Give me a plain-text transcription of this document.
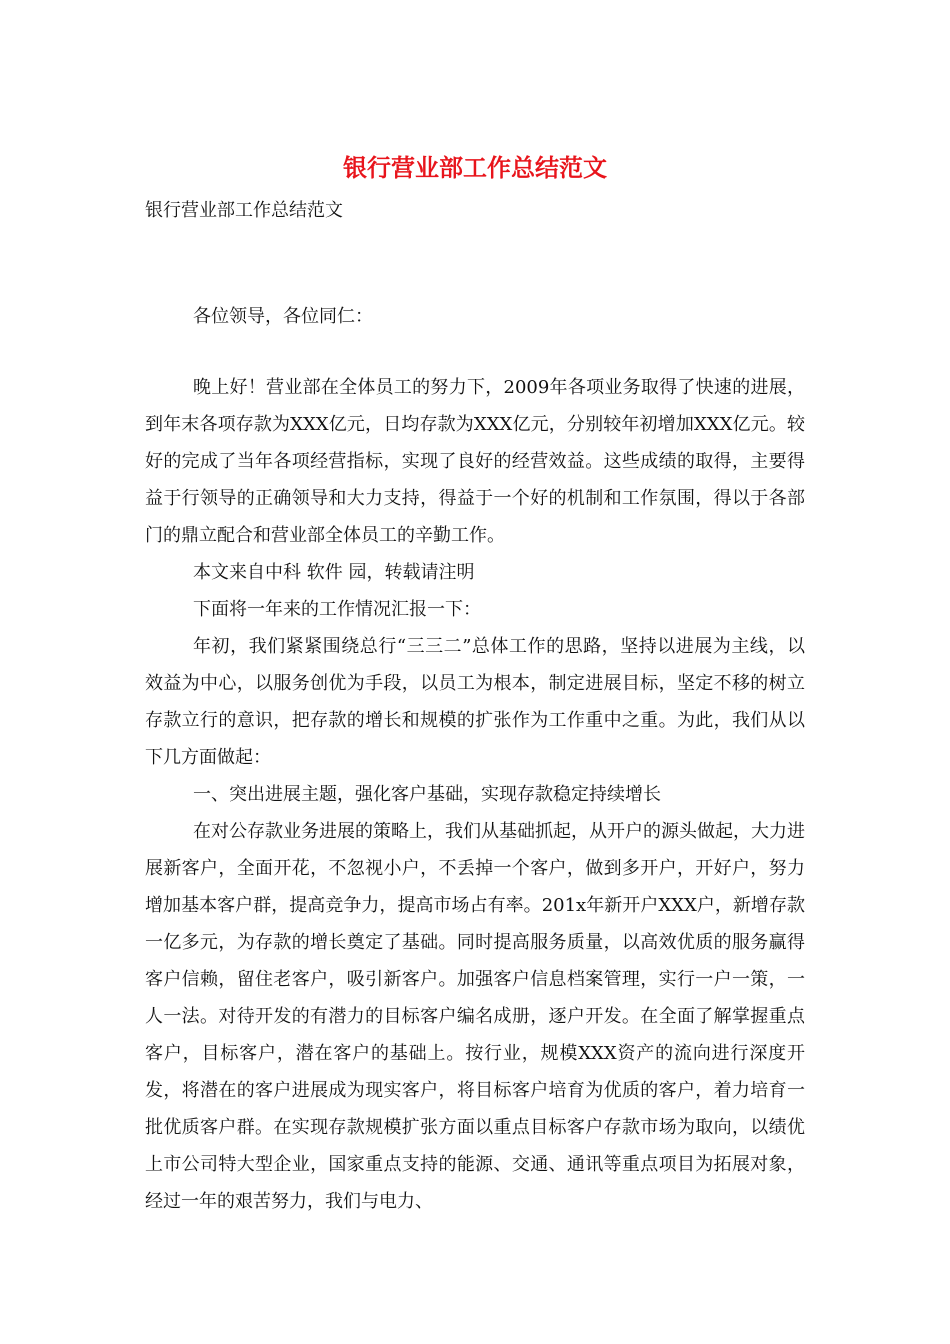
银行营业部工作总结范文

银行营业部工作总结范文

各位领导，各位同仁：

晚上好！营业部在全体员工的努力下，2009年各项业务取得了快速的进展，到年末各项存款为XXX亿元，日均存款为XXX亿元，分别较年初增加XXX亿元。较好的完成了当年各项经营指标，实现了良好的经营效益。这些成绩的取得，主要得益于行领导的正确领导和大力支持，得益于一个好的机制和工作氛围，得以于各部门的鼎立配合和营业部全体员工的辛勤工作。

本文来自中科 软件 园，转载请注明

下面将一年来的工作情况汇报一下：

年初，我们紧紧围绕总行“三三二”总体工作的思路，坚持以进展为主线，以效益为中心，以服务创优为手段，以员工为根本，制定进展目标，坚定不移的树立存款立行的意识，把存款的增长和规模的扩张作为工作重中之重。为此，我们从以下几方面做起：

一、突出进展主题，强化客户基础，实现存款稳定持续增长

在对公存款业务进展的策略上，我们从基础抓起，从开户的源头做起，大力进展新客户，全面开花，不忽视小户，不丢掉一个客户，做到多开户，开好户，努力增加基本客户群，提高竞争力，提高市场占有率。201x年新开户XXX户，新增存款一亿多元，为存款的增长奠定了基础。同时提高服务质量，以高效优质的服务赢得客户信赖，留住老客户，吸引新客户。加强客户信息档案管理，实行一户一策，一人一法。对待开发的有潜力的目标客户编名成册，逐户开发。在全面了解掌握重点客户，目标客户，潜在客户的基础上。按行业，规模XXX资产的流向进行深度开发，将潜在的客户进展成为现实客户，将目标客户培育为优质的客户，着力培育一批优质客户群。在实现存款规模扩张方面以重点目标客户存款市场为取向，以绩优上市公司特大型企业，国家重点支持的能源、交通、通讯等重点项目为拓展对象，经过一年的艰苦努力，我们与电力、
